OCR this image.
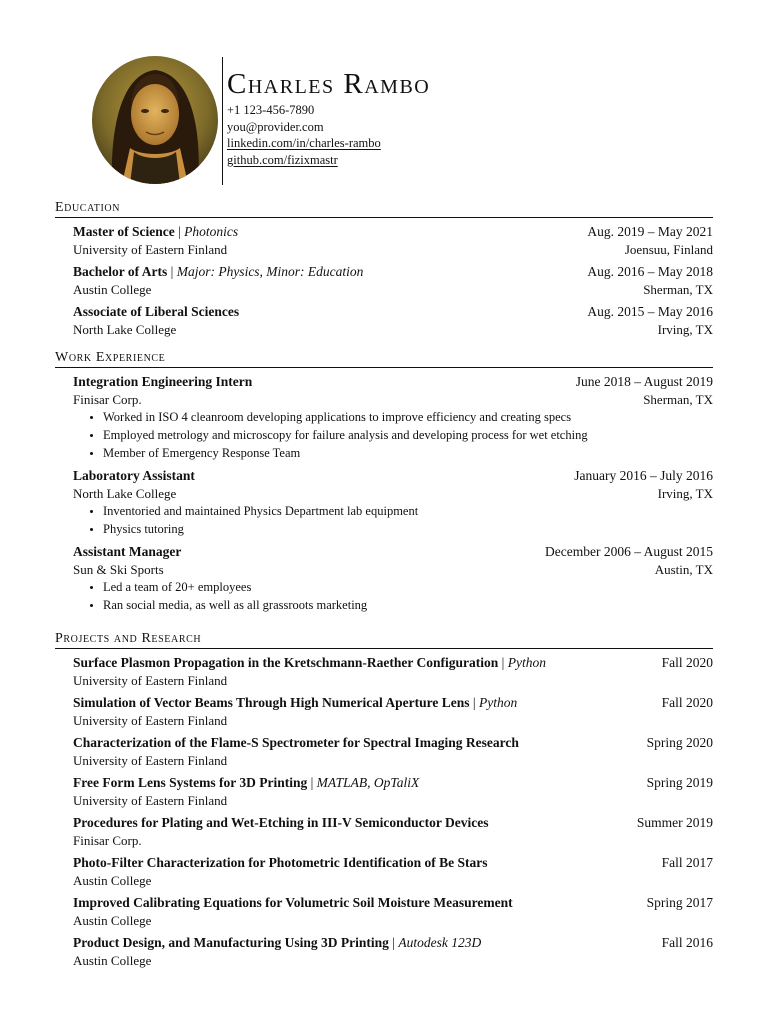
Charles Rambo
+1 123-456-7890
you@provider.com
linkedin.com/in/charles-rambo
github.com/fizixmastr
Education
Master of Science | Photonics	Aug. 2019 – May 2021
University of Eastern Finland	Joensuu, Finland
Bachelor of Arts | Major: Physics, Minor: Education	Aug. 2016 – May 2018
Austin College	Sherman, TX
Associate of Liberal Sciences	Aug. 2015 – May 2016
North Lake College	Irving, TX
Work Experience
Integration Engineering Intern	June 2018 – August 2019
Finisar Corp.	Sherman, TX
• Worked in ISO 4 cleanroom developing applications to improve efficiency and creating specs
• Employed metrology and microscopy for failure analysis and developing process for wet etching
• Member of Emergency Response Team
Laboratory Assistant	January 2016 – July 2016
North Lake College	Irving, TX
• Inventoried and maintained Physics Department lab equipment
• Physics tutoring
Assistant Manager	December 2006 – August 2015
Sun & Ski Sports	Austin, TX
• Led a team of 20+ employees
• Ran social media, as well as all grassroots marketing
Projects and Research
Surface Plasmon Propagation in the Kretschmann-Raether Configuration | Python	Fall 2020
University of Eastern Finland
Simulation of Vector Beams Through High Numerical Aperture Lens | Python	Fall 2020
University of Eastern Finland
Characterization of the Flame-S Spectrometer for Spectral Imaging Research	Spring 2020
University of Eastern Finland
Free Form Lens Systems for 3D Printing | MATLAB, OpTaliX	Spring 2019
University of Eastern Finland
Procedures for Plating and Wet-Etching in III-V Semiconductor Devices	Summer 2019
Finisar Corp.
Photo-Filter Characterization for Photometric Identification of Be Stars	Fall 2017
Austin College
Improved Calibrating Equations for Volumetric Soil Moisture Measurement	Spring 2017
Austin College
Product Design, and Manufacturing Using 3D Printing | Autodesk 123D	Fall 2016
Austin College
